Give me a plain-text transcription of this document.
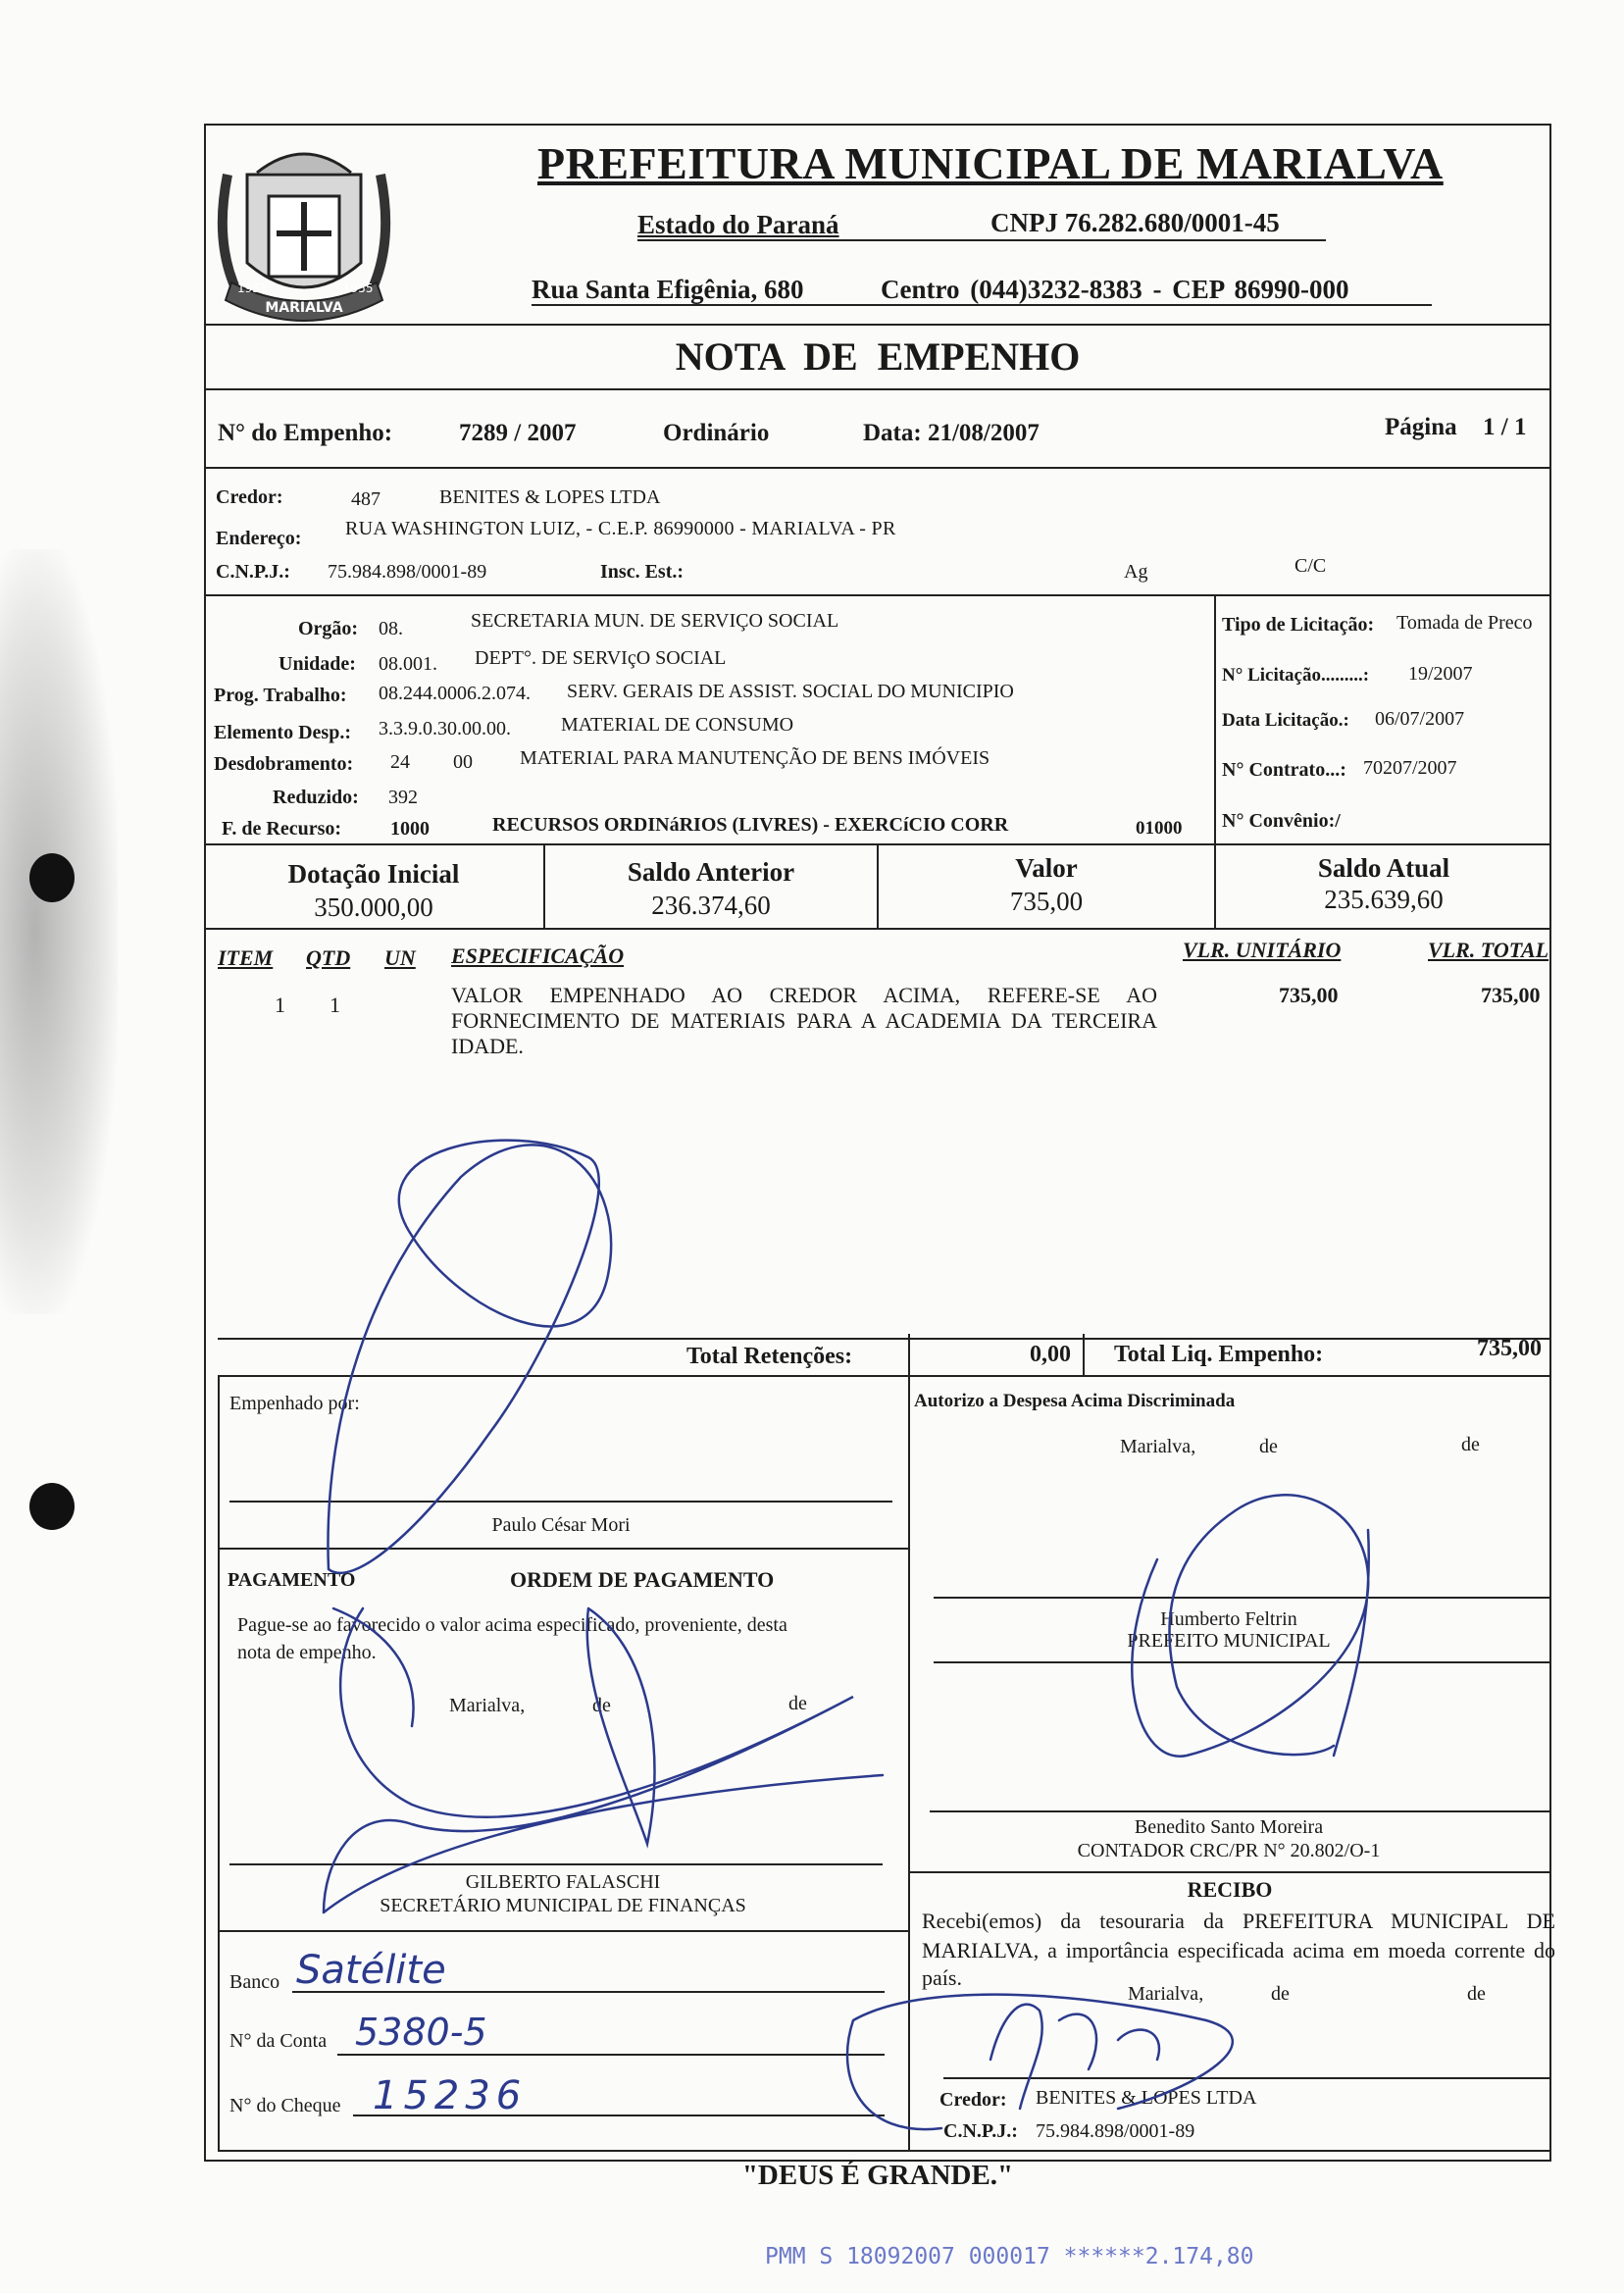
MARIALVA
1951	1955
PREFEITURA MUNICIPAL DE MARIALVA
Estado do Paraná	CNPJ 76.282.680/0001-45
Rua Santa Efigênia, 680	Centro (044)3232-8383 - CEP 86990-000
NOTA DE EMPENHO
N° do Empenho:	7289 / 2007	Ordinário	Data: 21/08/2007	Página 1 / 1
Credor:	487	BENITES & LOPES LTDA
Endereço: RUA WASHINGTON LUIZ, - C.E.P. 86990000 - MARIALVA - PR
C.N.P.J.: 75.984.898/0001-89	Insc. Est.:	Ag	C/C
Orgão: 08.	SECRETARIA MUN. DE SERVIÇO SOCIAL
Unidade: 08.001. DEPT°. DE SERVIçO SOCIAL
Prog. Trabalho: 08.244.0006.2.074. SERV. GERAIS DE ASSIST. SOCIAL DO MUNICIPIO
Elemento Desp.: 3.3.9.0.30.00.00.	MATERIAL DE CONSUMO
Desdobramento: 24 00 MATERIAL PARA MANUTENÇÃO DE BENS IMÓVEIS
Reduzido: 392
F. de Recurso: 1000	RECURSOS ORDINáRIOS (LIVRES) - EXERCíCIO CORR	01000
Tipo de Licitação: Tomada de Preco
N° Licitação.........: 19/2007
Data Licitação.: 06/07/2007
N° Contrato...: 70207/2007
N° Convênio:/
Dotação Inicial
350.000,00
Saldo Anterior
236.374,60
Valor
735,00
Saldo Atual
235.639,60
ITEM QTD UN ESPECIFICAÇÃO	VLR. UNITÁRIO	VLR. TOTAL
1 1	VALOR EMPENHADO AO CREDOR ACIMA, REFERE-SE AO
FORNECIMENTO DE MATERIAIS PARA A ACADEMIA DA TERCEIRA
IDADE.
735,00	735,00
Total Retenções:	0,00 Total Liq. Empenho:	735,00
Empenhado por:
Paulo César Mori
Autorizo a Despesa Acima Discriminada
Marialva,	de	de
Humberto Feltrin
PREFEITO MUNICIPAL
Benedito Santo Moreira
CONTADOR CRC/PR N° 20.802/O-1
PAGAMENTO	ORDEM DE PAGAMENTO
Pague-se ao favorecido o valor acima especificado, proveniente, desta
nota de empenho.
Marialva,	de	de
GILBERTO FALASCHI
SECRETÁRIO MUNICIPAL DE FINANÇAS
Banco Satélite
N° da Conta 5380-5
N° do Cheque 15236
RECIBO
Recebi(emos) da tesouraria da PREFEITURA MUNICIPAL DE
MARIALVA, a importância especificada acima em moeda corrente do
país.
Marialva,	de	de
Credor: BENITES & LOPES LTDA
C.N.P.J.: 75.984.898/0001-89
"DEUS É GRANDE."
PMM S 18092007 000017 ******2.174,80
